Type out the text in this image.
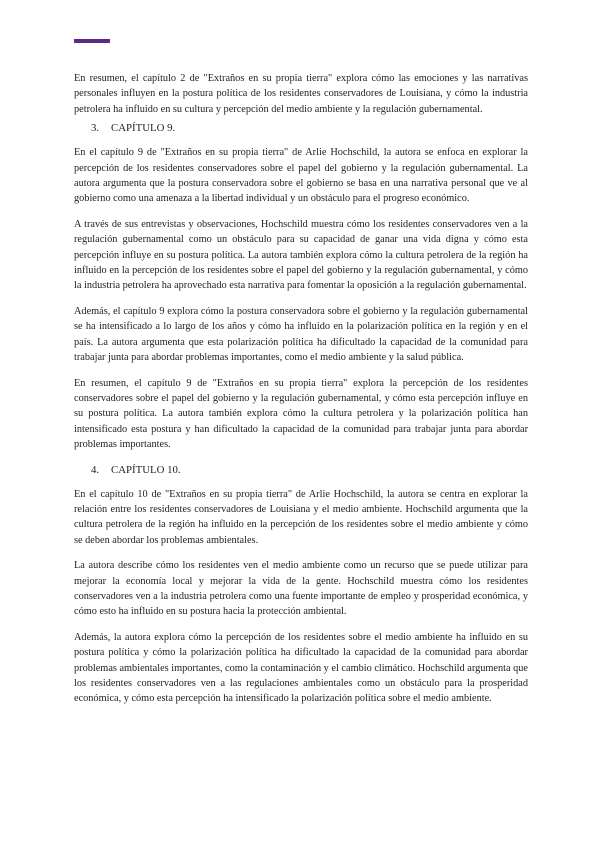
En resumen, el capítulo 2 de "Extraños en su propia tierra" explora cómo las emociones y las narrativas personales influyen en la postura política de los residentes conservadores de Louisiana, y cómo la industria petrolera ha influido en su cultura y percepción del medio ambiente y la regulación gubernamental.

3.	CAPÍTULO 9.

En el capítulo 9 de "Extraños en su propia tierra" de Arlie Hochschild, la autora se enfoca en explorar la percepción de los residentes conservadores sobre el papel del gobierno y la regulación gubernamental. La autora argumenta que la postura conservadora sobre el gobierno se basa en una narrativa personal que ve al gobierno como una amenaza a la libertad individual y un obstáculo para el progreso económico.

A través de sus entrevistas y observaciones, Hochschild muestra cómo los residentes conservadores ven a la regulación gubernamental como un obstáculo para su capacidad de ganar una vida digna y cómo esta percepción influye en su postura política. La autora también explora cómo la cultura petrolera de la región ha influido en la percepción de los residentes sobre el papel del gobierno y la regulación gubernamental, y cómo la industria petrolera ha aprovechado esta narrativa para fomentar la oposición a la regulación gubernamental.

Además, el capítulo 9 explora cómo la postura conservadora sobre el gobierno y la regulación gubernamental se ha intensificado a lo largo de los años y cómo ha influido en la polarización política en la región y en el país. La autora argumenta que esta polarización política ha dificultado la capacidad de la comunidad para trabajar junta para abordar problemas importantes, como el medio ambiente y la salud pública.

En resumen, el capítulo 9 de "Extraños en su propia tierra" explora la percepción de los residentes conservadores sobre el papel del gobierno y la regulación gubernamental, y cómo esta percepción influye en su postura política. La autora también explora cómo la cultura petrolera y la polarización política han intensificado esta postura y han dificultado la capacidad de la comunidad para trabajar junta para abordar problemas importantes.

4.	CAPÍTULO 10.

En el capítulo 10 de "Extraños en su propia tierra" de Arlie Hochschild, la autora se centra en explorar la relación entre los residentes conservadores de Louisiana y el medio ambiente. Hochschild argumenta que la cultura petrolera de la región ha influido en la percepción de los residentes sobre el medio ambiente y cómo se deben abordar los problemas ambientales.

La autora describe cómo los residentes ven el medio ambiente como un recurso que se puede utilizar para mejorar la economía local y mejorar la vida de la gente. Hochschild muestra cómo los residentes conservadores ven a la industria petrolera como una fuente importante de empleo y prosperidad económica, y cómo esto ha influido en su postura hacia la protección ambiental.

Además, la autora explora cómo la percepción de los residentes sobre el medio ambiente ha influido en su postura política y cómo la polarización política ha dificultado la capacidad de la comunidad para abordar problemas ambientales importantes, como la contaminación y el cambio climático. Hochschild argumenta que los residentes conservadores ven a las regulaciones ambientales como un obstáculo para la prosperidad económica, y cómo esta percepción ha intensificado la polarización política sobre el medio ambiente.
